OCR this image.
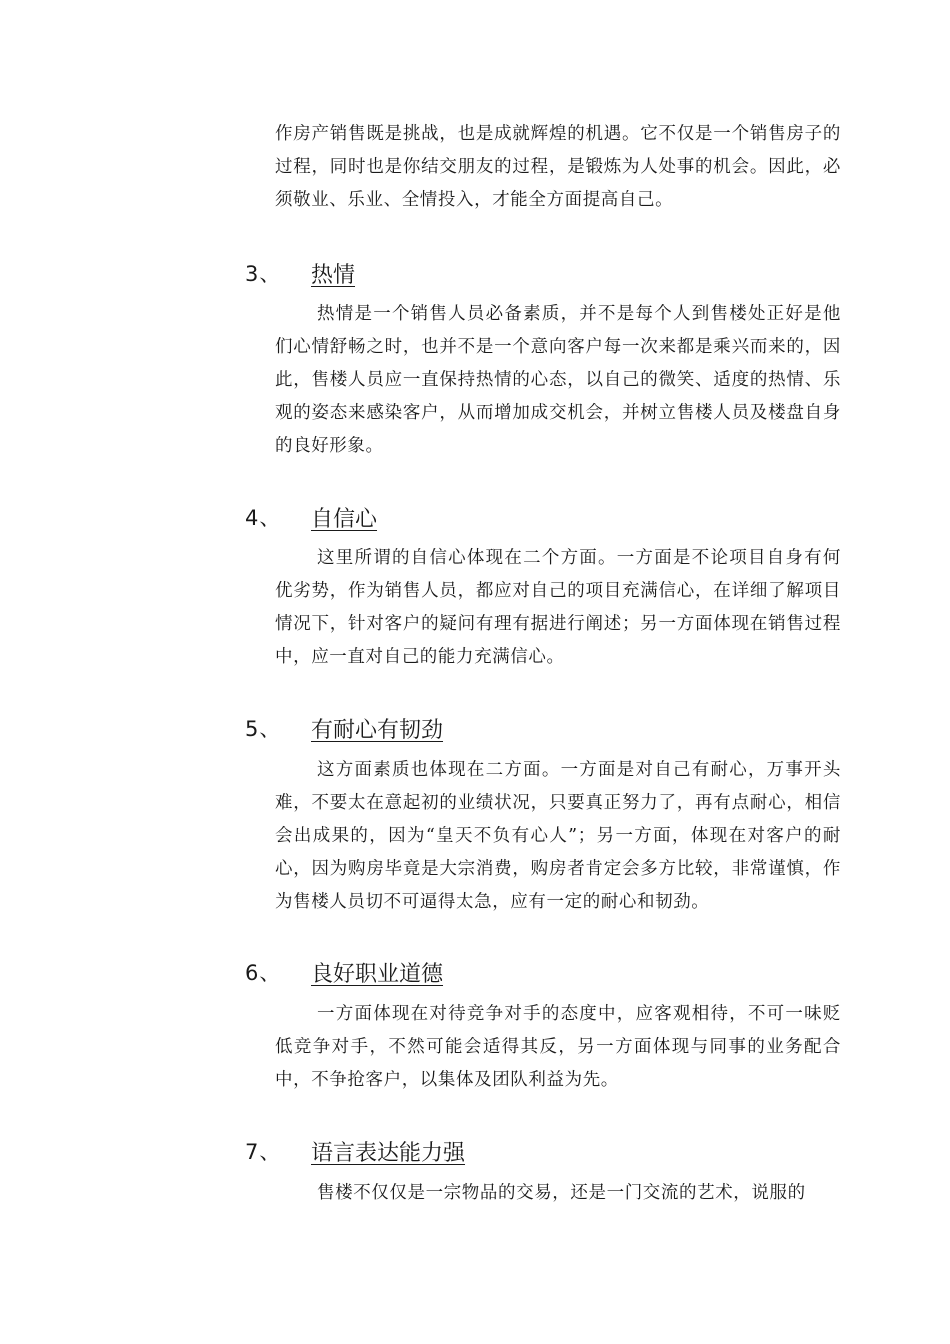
作房产销售既是挑战，也是成就辉煌的机遇。它不仅是一个销售房子的过程，同时也是你结交朋友的过程，是锻炼为人处事的机会。因此，必须敬业、乐业、全情投入，才能全方面提高自己。

3、	热情

热情是一个销售人员必备素质，并不是每个人到售楼处正好是他们心情舒畅之时，也并不是一个意向客户每一次来都是乘兴而来的，因此，售楼人员应一直保持热情的心态，以自己的微笑、适度的热情、乐观的姿态来感染客户，从而增加成交机会，并树立售楼人员及楼盘自身的良好形象。

4、	自信心

这里所谓的自信心体现在二个方面。一方面是不论项目自身有何优劣势，作为销售人员，都应对自己的项目充满信心，在详细了解项目情况下，针对客户的疑问有理有据进行阐述；另一方面体现在销售过程中，应一直对自己的能力充满信心。

5、	有耐心有韧劲

这方面素质也体现在二方面。一方面是对自己有耐心，万事开头难，不要太在意起初的业绩状况，只要真正努力了，再有点耐心，相信会出成果的，因为“皇天不负有心人”；另一方面，体现在对客户的耐心，因为购房毕竟是大宗消费，购房者肯定会多方比较，非常谨慎，作为售楼人员切不可逼得太急，应有一定的耐心和韧劲。

6、	良好职业道德

一方面体现在对待竞争对手的态度中，应客观相待，不可一味贬低竞争对手，不然可能会适得其反，另一方面体现与同事的业务配合中，不争抢客户，以集体及团队利益为先。

7、	语言表达能力强

售楼不仅仅是一宗物品的交易，还是一门交流的艺术，说服的
